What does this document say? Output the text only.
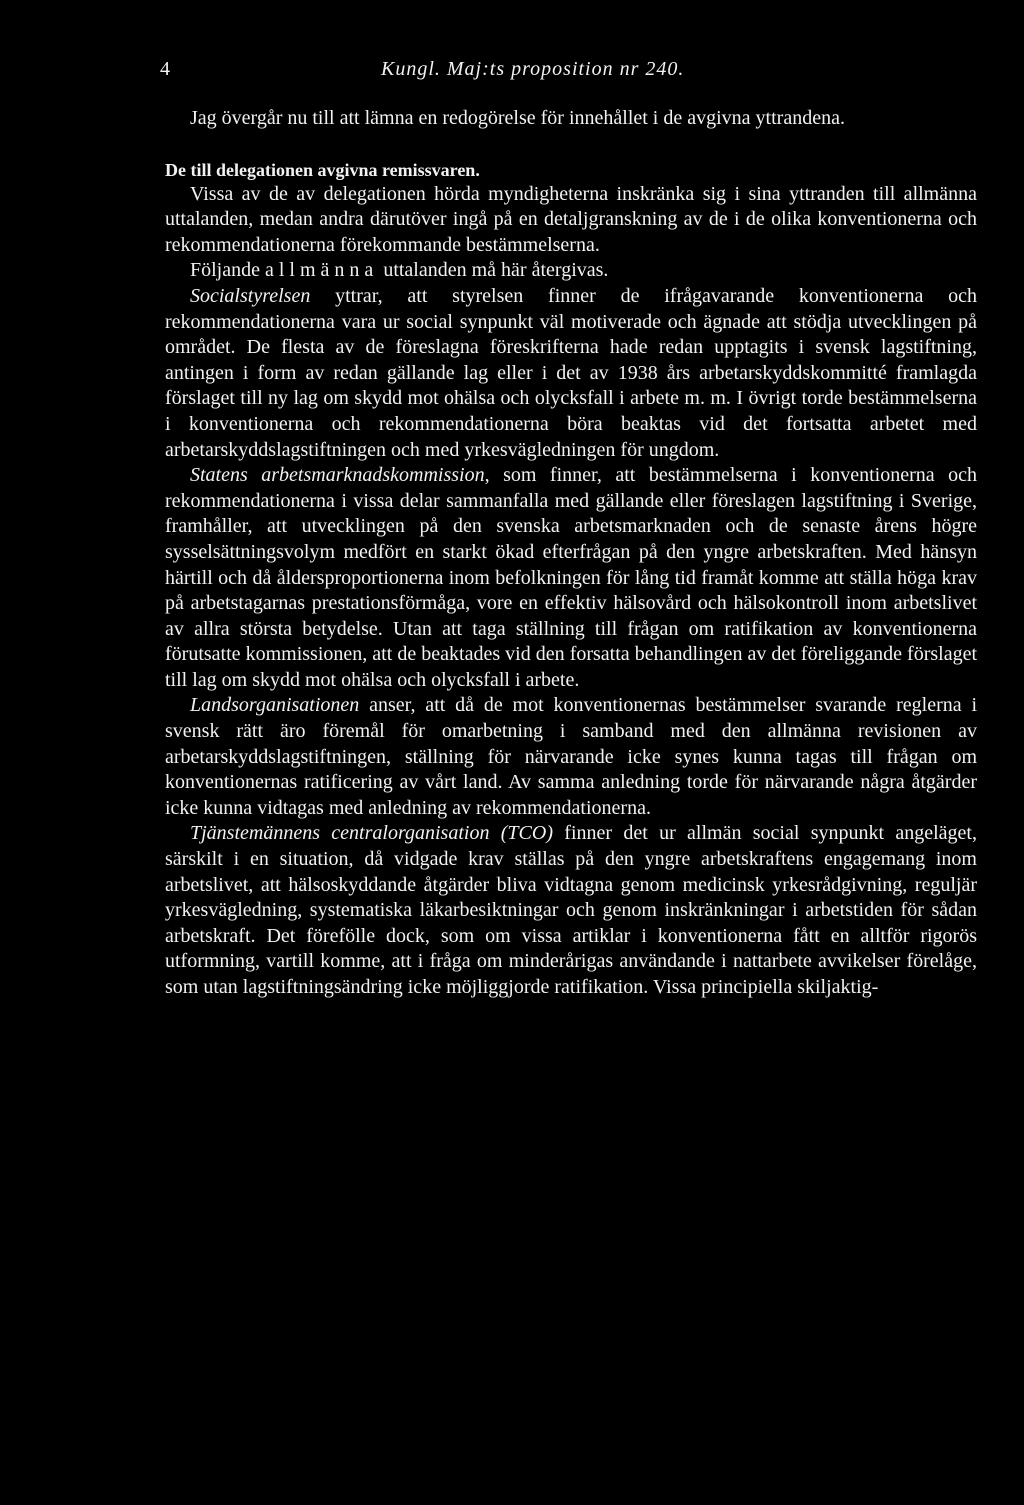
4	Kungl. Maj:ts proposition nr 240.

Jag övergår nu till att lämna en redogörelse för innehållet i de avgivna yttrandena.

De till delegationen avgivna remissvaren.

Vissa av de av delegationen hörda myndigheterna inskränka sig i sina yttranden till allmänna uttalanden, medan andra därutöver ingå på en detaljgranskning av de i de olika konventionerna och rekommendationerna förekommande bestämmelserna.

Följande allmänna uttalanden må här återgivas.

Socialstyrelsen yttrar, att styrelsen finner de ifrågavarande konventionerna och rekommendationerna vara ur social synpunkt väl motiverade och ägnade att stödja utvecklingen på området. De flesta av de föreslagna föreskrifterna hade redan upptagits i svensk lagstiftning, antingen i form av redan gällande lag eller i det av 1938 års arbetarskyddskommitté framlagda förslaget till ny lag om skydd mot ohälsa och olycksfall i arbete m. m. I övrigt torde bestämmelserna i konventionerna och rekommendationerna böra beaktas vid det fortsatta arbetet med arbetarskyddslagstiftningen och med yrkesvägledningen för ungdom.

Statens arbetsmarknadskommission, som finner, att bestämmelserna i konventionerna och rekommendationerna i vissa delar sammanfalla med gällande eller föreslagen lagstiftning i Sverige, framhåller, att utvecklingen på den svenska arbetsmarknaden och de senaste årens högre sysselsättningsvolym medfört en starkt ökad efterfrågan på den yngre arbetskraften. Med hänsyn härtill och då åldersproportionerna inom befolkningen för lång tid framåt komme att ställa höga krav på arbetstagarnas prestationsförmåga, vore en effektiv hälsovård och hälsokontroll inom arbetslivet av allra största betydelse. Utan att taga ställning till frågan om ratifikation av konventionerna förutsatte kommissionen, att de beaktades vid den forsatta behandlingen av det föreliggande förslaget till lag om skydd mot ohälsa och olycksfall i arbete.

Landsorganisationen anser, att då de mot konventionernas bestämmelser svarande reglerna i svensk rätt äro föremål för omarbetning i samband med den allmänna revisionen av arbetarskyddslagstiftningen, ställning för närvarande icke synes kunna tagas till frågan om konventionernas ratificering av vårt land. Av samma anledning torde för närvarande några åtgärder icke kunna vidtagas med anledning av rekommendationerna.

Tjänstemännens centralorganisation (TCO) finner det ur allmän social synpunkt angeläget, särskilt i en situation, då vidgade krav ställas på den yngre arbetskraftens engagemang inom arbetslivet, att hälsoskyddande åtgärder bliva vidtagna genom medicinsk yrkesrådgivning, reguljär yrkesvägledning, systematiska läkarbesiktningar och genom inskränkningar i arbetstiden för sådan arbetskraft. Det förefölle dock, som om vissa artiklar i konventionerna fått en alltför rigorös utformning, vartill komme, att i fråga om minderårigas användande i nattarbete avvikelser förelåge, som utan lagstiftningsändring icke möjliggjorde ratifikation. Vissa principiella skiljaktig-
